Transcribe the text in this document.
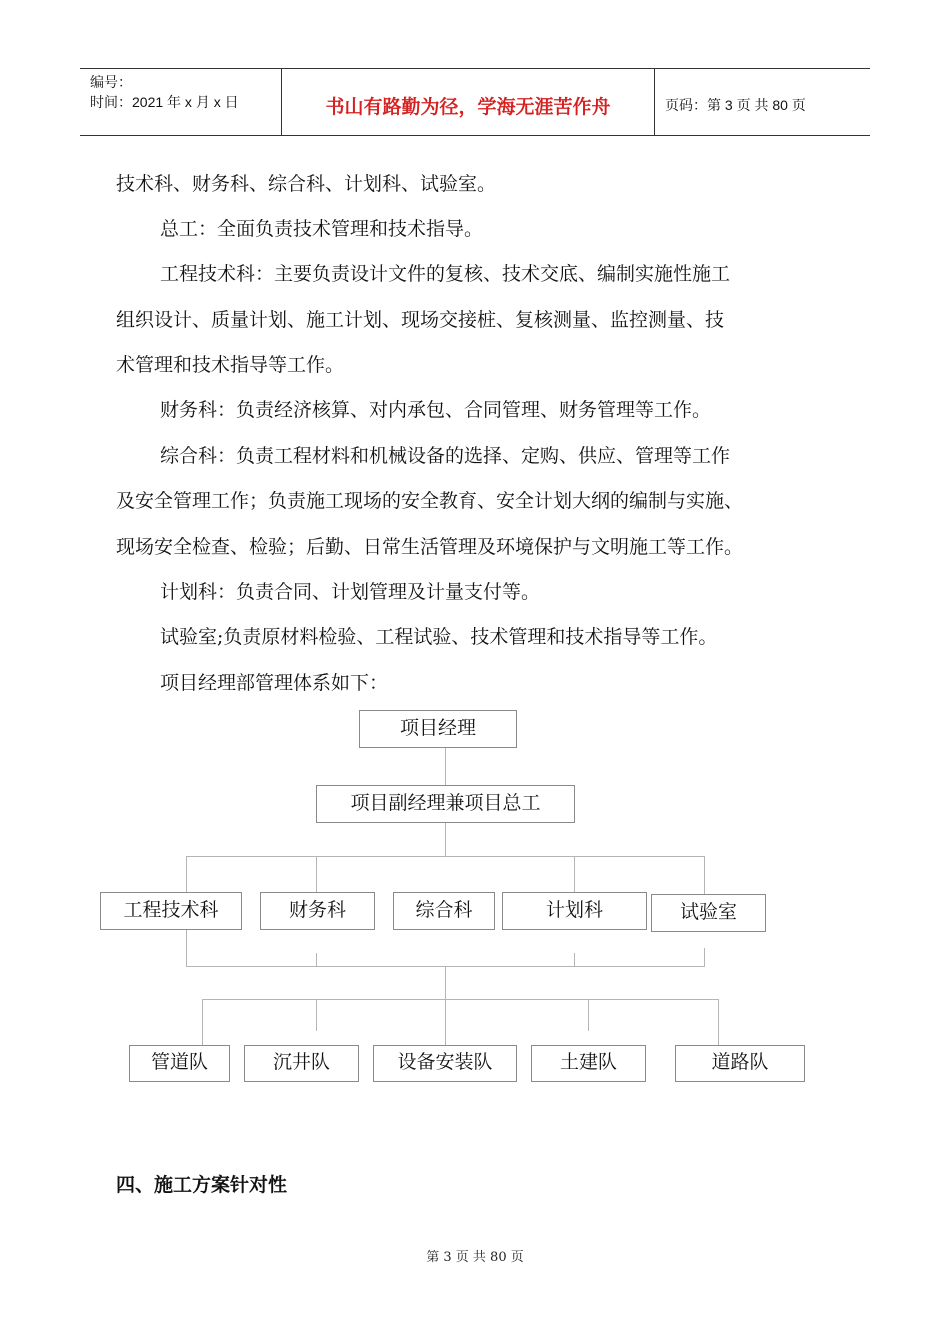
编号：
时间：2021 年 x 月 x 日	书山有路勤为径，学海无涯苦作舟	页码：第 3 页 共 80 页
技术科、财务科、综合科、计划科、试验室。
总工：全面负责技术管理和技术指导。
工程技术科：主要负责设计文件的复核、技术交底、编制实施性施工
组织设计、质量计划、施工计划、现场交接桩、复核测量、监控测量、技
术管理和技术指导等工作。
财务科：负责经济核算、对内承包、合同管理、财务管理等工作。
综合科：负责工程材料和机械设备的选择、定购、供应、管理等工作
及安全管理工作；负责施工现场的安全教育、安全计划大纲的编制与实施、
现场安全检查、检验；后勤、日常生活管理及环境保护与文明施工等工作。
计划科：负责合同、计划管理及计量支付等。
试验室;负责原材料检验、工程试验、技术管理和技术指导等工作。
项目经理部管理体系如下：
项目经理
项目副经理兼项目总工
工程技术科	财务科	综合科	计划科	试验室
管道队	沉井队	设备安装队	土建队	道路队
四、施工方案针对性
第 3 页 共 80 页
